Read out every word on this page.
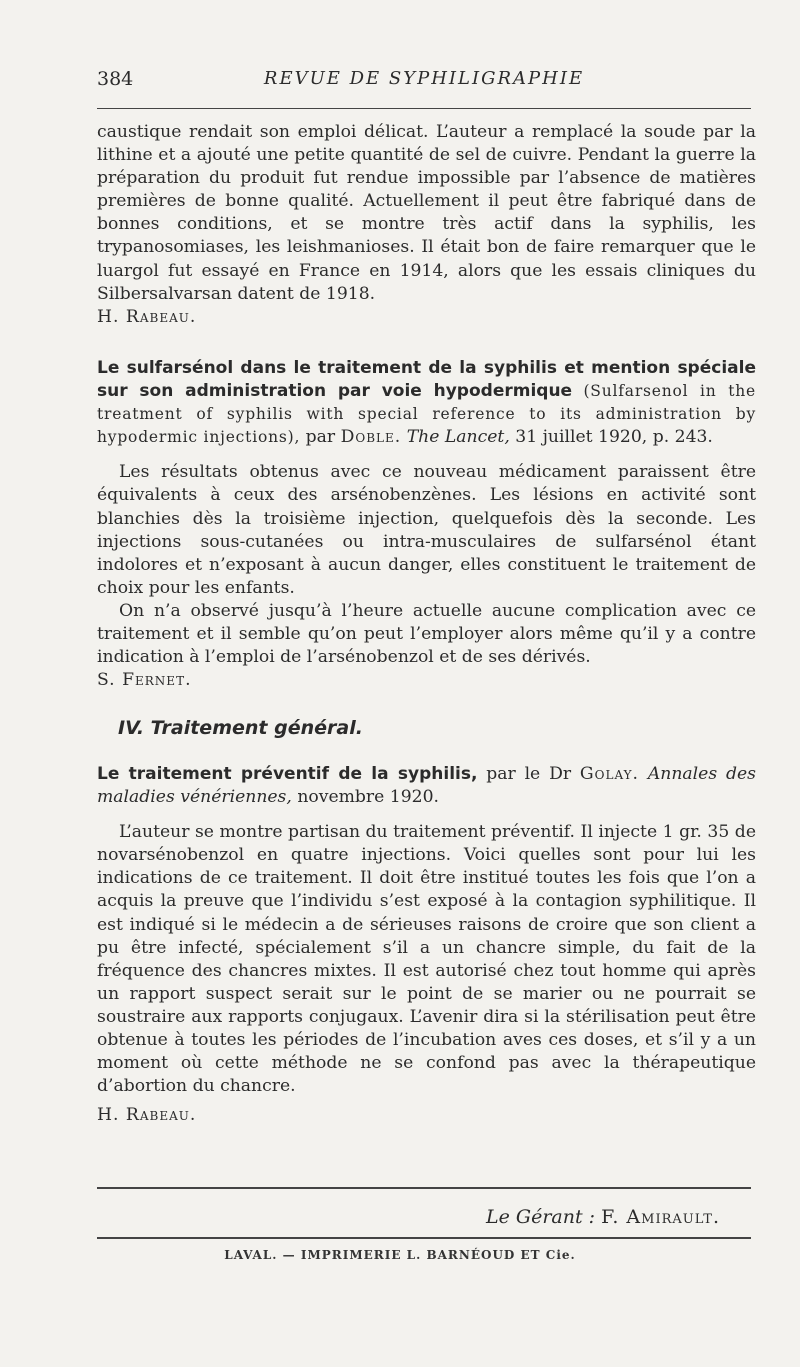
384	REVUE DE SYPHILIGRAPHIE

caustique rendait son emploi délicat. L’auteur a remplacé la soude par la lithine et a ajouté une petite quantité de sel de cuivre. Pendant la guerre la préparation du produit fut rendue impossible par l’absence de matières premières de bonne qualité. Actuellement il peut être fabriqué dans de bonnes conditions, et se montre très actif dans la syphilis, les trypanosomiases, les leishmanioses. Il était bon de faire remarquer que le luargol fut essayé en France en 1914, alors que les essais cliniques du Silbersalvarsan datent de 1918.

H. Rabeau.

Le sulfarsénol dans le traitement de la syphilis et mention spéciale sur son administration par voie hypodermique (Sulfarsenol in the treatment of syphilis with special reference to its administration by hypodermic injections), par Doble. The Lancet, 31 juillet 1920, p. 243.

Les résultats obtenus avec ce nouveau médicament paraissent être équivalents à ceux des arsénobenzènes. Les lésions en activité sont blanchies dès la troisième injection, quelquefois dès la seconde. Les injections sous-cutanées ou intra-musculaires de sulfarsénol étant indolores et n’exposant à aucun danger, elles constituent le traitement de choix pour les enfants.

On n’a observé jusqu’à l’heure actuelle aucune complication avec ce traitement et il semble qu’on peut l’employer alors même qu’il y a contre indication à l’emploi de l’arsénobenzol et de ses dérivés.

S. Fernet.

IV. Traitement général.

Le traitement préventif de la syphilis, par le Dr Golay. Annales des maladies vénériennes, novembre 1920.

L’auteur se montre partisan du traitement préventif. Il injecte 1 gr. 35 de novarsénobenzol en quatre injections. Voici quelles sont pour lui les indications de ce traitement. Il doit être institué toutes les fois que l’on a acquis la preuve que l’individu s’est exposé à la contagion syphilitique. Il est indiqué si le médecin a de sérieuses raisons de croire que son client a pu être infecté, spécialement s’il a un chancre simple, du fait de la fréquence des chancres mixtes. Il est autorisé chez tout homme qui après un rapport suspect serait sur le point de se marier ou ne pourrait se soustraire aux rapports conjugaux. L’avenir dira si la stérilisation peut être obtenue à toutes les périodes de l’incubation aves ces doses, et s’il y a un moment où cette méthode ne se confond pas avec la thérapeutique d’abortion du chancre.

H. Rabeau.

Le Gérant : F. Amirault.
LAVAL. — IMPRIMERIE L. BARNÉOUD ET Cie.
